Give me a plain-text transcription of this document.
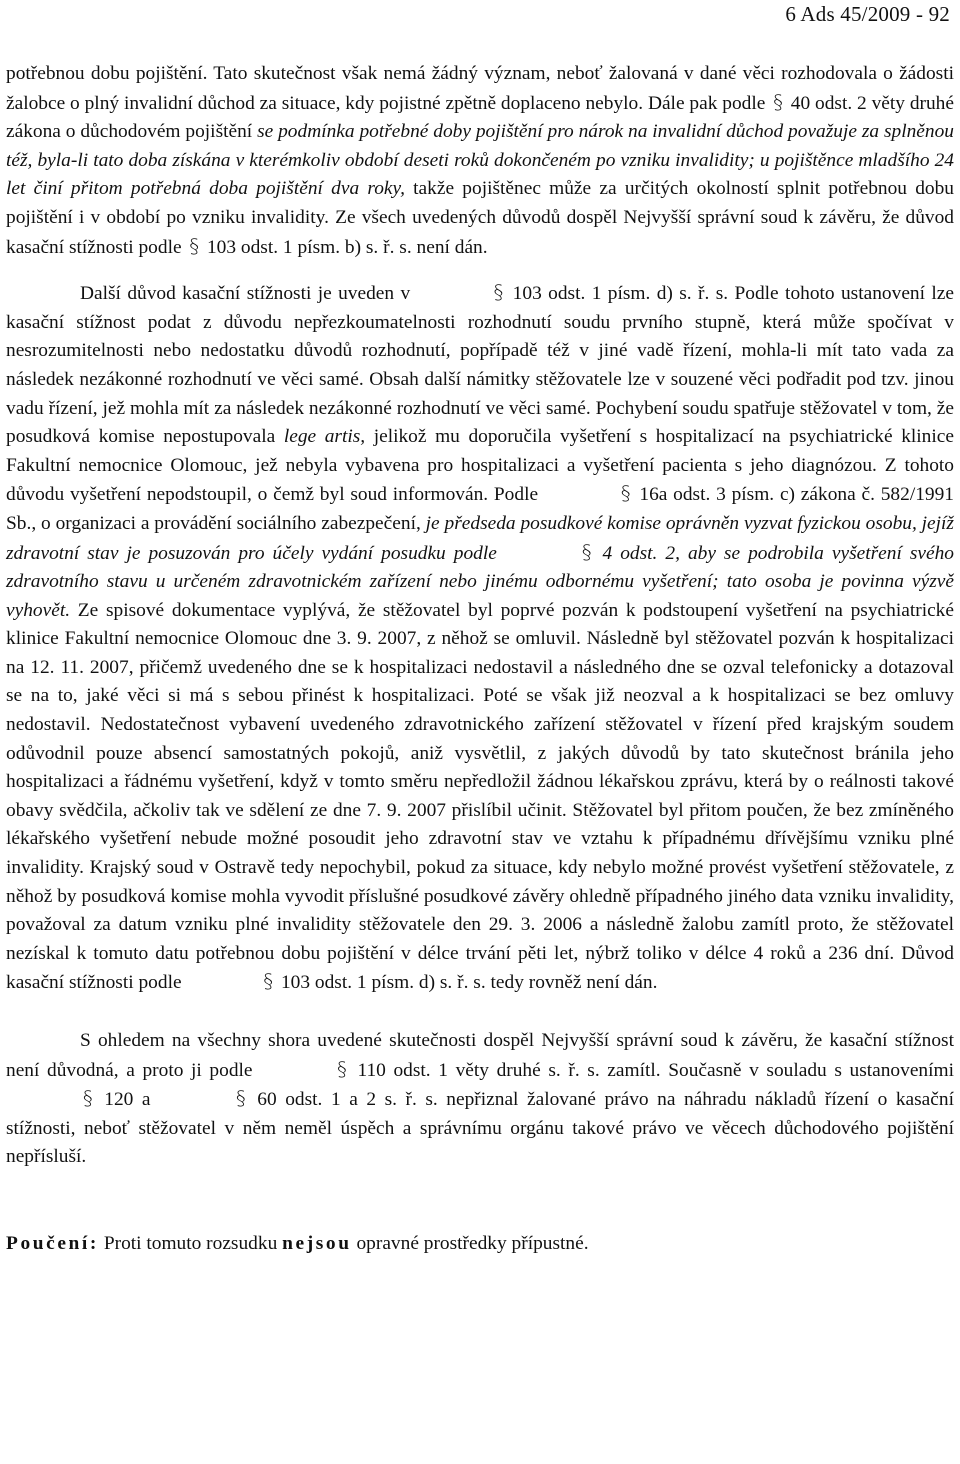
6 Ads 45/2009 - 92

potřebnou dobu pojištění. Tato skutečnost však nemá žádný význam, neboť žalovaná v dané věci rozhodovala o žádosti žalobce o plný invalidní důchod za situace, kdy pojistné zpětně doplaceno nebylo. Dále pak podle § 40 odst. 2 věty druhé zákona o důchodovém pojištění se podmínka potřebné doby pojištění pro nárok na invalidní důchod považuje za splněnou též, byla-li tato doba získána v kterémkoliv období deseti roků dokončeném po vzniku invalidity; u pojištěnce mladšího 24 let činí přitom potřebná doba pojištění dva roky, takže pojištěnec může za určitých okolností splnit potřebnou dobu pojištění i v období po vzniku invalidity. Ze všech uvedených důvodů dospěl Nejvyšší správní soud k závěru, že důvod kasační stížnosti podle § 103 odst. 1 písm. b) s. ř. s. není dán.

Další důvod kasační stížnosti je uveden v	§ 103 odst. 1 písm. d) s. ř. s. Podle tohoto ustanovení lze kasační stížnost podat z důvodu nepřezkoumatelnosti rozhodnutí soudu prvního stupně, která může spočívat v nesrozumitelnosti nebo nedostatku důvodů rozhodnutí, popřípadě též v jiné vadě řízení, mohla-li mít tato vada za následek nezákonné rozhodnutí ve věci samé. Obsah další námitky stěžovatele lze v souzené věci podřadit pod tzv. jinou vadu řízení, jež mohla mít za následek nezákonné rozhodnutí ve věci samé. Pochybení soudu spatřuje stěžovatel v tom, že posudková komise nepostupovala lege artis, jelikož mu doporučila vyšetření s hospitalizací na psychiatrické klinice Fakultní nemocnice Olomouc, jež nebyla vybavena pro hospitalizaci a vyšetření pacienta s jeho diagnózou. Z tohoto důvodu vyšetření nepodstoupil, o čemž byl soud informován. Podle	§ 16a odst. 3 písm. c) zákona č. 582/1991 Sb., o organizaci a provádění sociálního zabezpečení, je předseda posudkové komise oprávněn vyzvat fyzickou osobu, jejíž zdravotní stav je posuzován pro účely vydání posudku podle	§ 4 odst. 2, aby se podrobila vyšetření svého zdravotního stavu u určeném zdravotnickém zařízení nebo jinému odbornému vyšetření; tato osoba je povinna výzvě vyhovět. Ze spisové dokumentace vyplývá, že stěžovatel byl poprvé pozván k podstoupení vyšetření na psychiatrické klinice Fakultní nemocnice Olomouc dne 3. 9. 2007, z něhož se omluvil. Následně byl stěžovatel pozván k hospitalizaci na 12. 11. 2007, přičemž uvedeného dne se k hospitalizaci nedostavil a následného dne se ozval telefonicky a dotazoval se na to, jaké věci si má s sebou přinést k hospitalizaci. Poté se však již neozval a k hospitalizaci se bez omluvy nedostavil. Nedostatečnost vybavení uvedeného zdravotnického zařízení stěžovatel v řízení před krajským soudem odůvodnil pouze absencí samostatných pokojů, aniž vysvětlil, z jakých důvodů by tato skutečnost bránila jeho hospitalizaci a řádnému vyšetření, když v tomto směru nepředložil žádnou lékařskou zprávu, která by o reálnosti takové obavy svědčila, ačkoliv tak ve sdělení ze dne 7. 9. 2007 přislíbil učinit. Stěžovatel byl přitom poučen, že bez zmíněného lékařského vyšetření nebude možné posoudit jeho zdravotní stav ve vztahu k případnému dřívějšímu vzniku plné invalidity. Krajský soud v Ostravě tedy nepochybil, pokud za situace, kdy nebylo možné provést vyšetření stěžovatele, z něhož by posudková komise mohla vyvodit příslušné posudkové závěry ohledně případného jiného data vzniku invalidity, považoval za datum vzniku plné invalidity stěžovatele den 29. 3. 2006 a následně žalobu zamítl proto, že stěžovatel nezískal k tomuto datu potřebnou dobu pojištění v délce trvání pěti let, nýbrž toliko v délce 4 roků a 236 dní. Důvod kasační stížnosti podle	§ 103 odst. 1 písm. d) s. ř. s. tedy rovněž není dán.

S ohledem na všechny shora uvedené skutečnosti dospěl Nejvyšší správní soud k závěru, že kasační stížnost není důvodná, a proto ji podle	§ 110 odst. 1 věty druhé s. ř. s. zamítl. Současně v souladu s ustanoveními § 120 a	§ 60 odst. 1 a 2 s. ř. s. nepřiznal žalované právo na náhradu nákladů řízení o kasační stížnosti, neboť stěžovatel v něm neměl úspěch a správnímu orgánu takové právo ve věcech důchodového pojištění nepřísluší.

Poučení: Proti tomuto rozsudku nejsou opravné prostředky přípustné.
